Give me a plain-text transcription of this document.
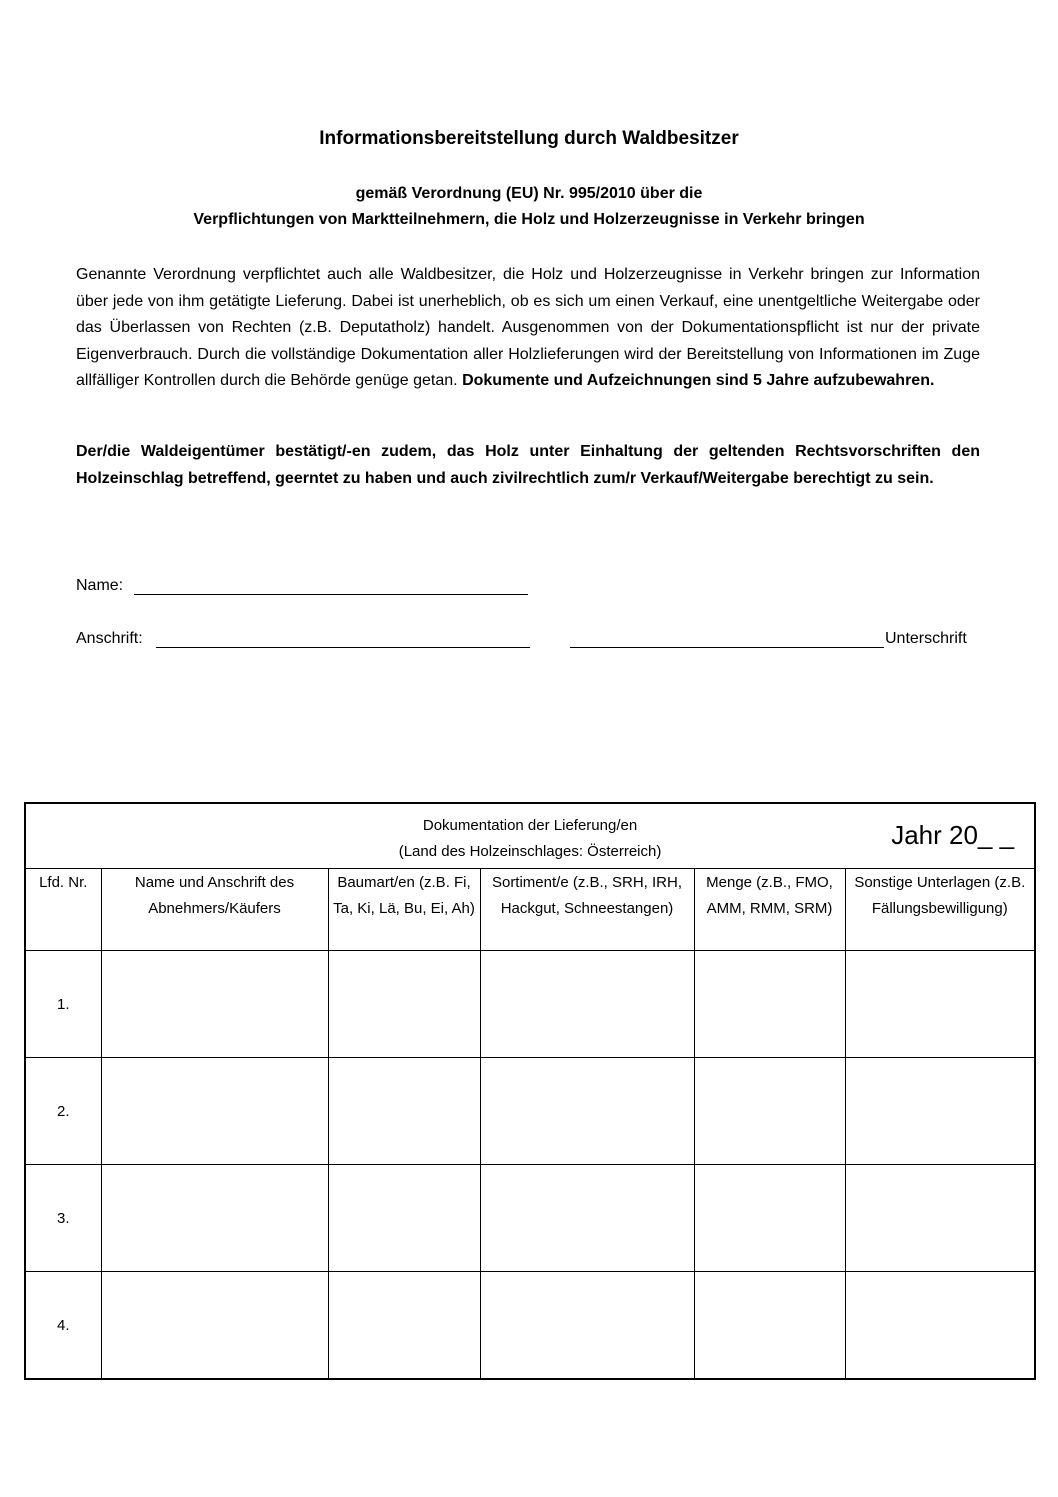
Informationsbereitstellung durch Waldbesitzer
gemäß Verordnung (EU) Nr. 995/2010 über die
Verpflichtungen von Marktteilnehmern, die Holz und Holzerzeugnisse in Verkehr bringen

Genannte Verordnung verpflichtet auch alle Waldbesitzer, die Holz und Holzerzeugnisse in Verkehr bringen zur Information über jede von ihm getätigte Lieferung. Dabei ist unerheblich, ob es sich um einen Verkauf, eine unentgeltliche Weitergabe oder das Überlassen von Rechten (z.B. Deputatholz) handelt. Ausgenommen von der Dokumentationspflicht ist nur der private Eigenverbrauch. Durch die vollständige Dokumentation aller Holzlieferungen wird der Bereitstellung von Informationen im Zuge allfälliger Kontrollen durch die Behörde genüge getan. Dokumente und Aufzeichnungen sind 5 Jahre aufzubewahren.

Der/die Waldeigentümer bestätigt/-en zudem, das Holz unter Einhaltung der geltenden Rechtsvorschriften den Holzeinschlag betreffend, geerntet zu haben und auch zivilrechtlich zum/r Verkauf/Weitergabe berechtigt zu sein.

Name:
Anschrift:	Unterschrift
Dokumentation der Lieferung/en
(Land des Holzeinschlages: Österreich)
Jahr 20_ _					

Lfd. Nr.	Name und Anschrift des Abnehmers/Käufers	Baumart/en (z.B. Fi, Ta, Ki, Lä, Bu, Ei, Ah)	Sortiment/e (z.B., SRH, IRH, Hackgut, Schneestangen)	Menge (z.B., FMO, AMM, RMM, SRM)	Sonstige Unterlagen (z.B. Fällungsbewilligung)
1.					
2.					
3.					
4.					
